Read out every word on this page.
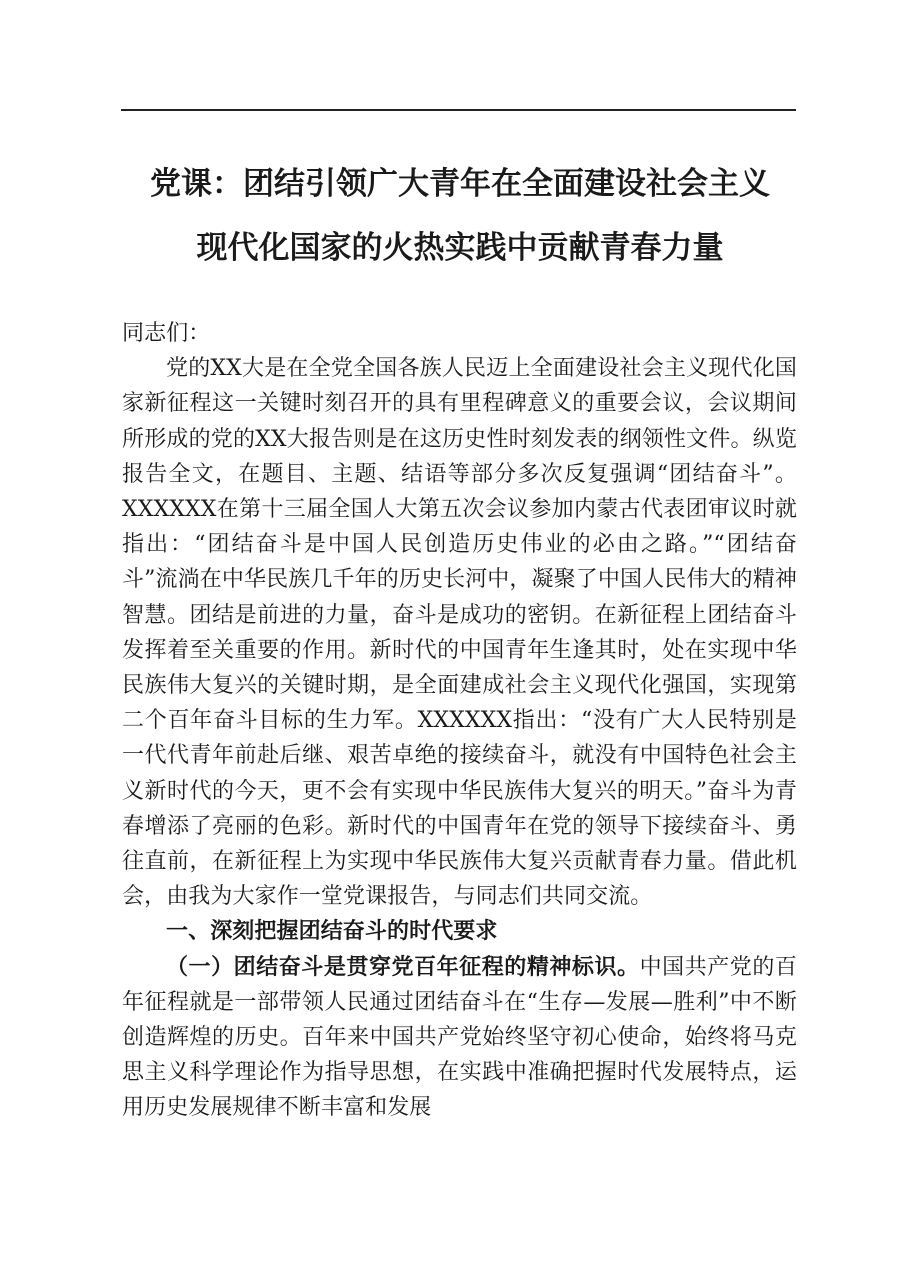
党课：团结引领广大青年在全面建设社会主义
现代化国家的火热实践中贡献青春力量

同志们：

党的XX大是在全党全国各族人民迈上全面建设社会主义现代化国家新征程这一关键时刻召开的具有里程碑意义的重要会议，会议期间所形成的党的XX大报告则是在这历史性时刻发表的纲领性文件。纵览报告全文，在题目、主题、结语等部分多次反复强调“团结奋斗”。XXXXXX在第十三届全国人大第五次会议参加内蒙古代表团审议时就指出：“团结奋斗是中国人民创造历史伟业的必由之路。”“团结奋斗”流淌在中华民族几千年的历史长河中，凝聚了中国人民伟大的精神智慧。团结是前进的力量，奋斗是成功的密钥。在新征程上团结奋斗发挥着至关重要的作用。新时代的中国青年生逢其时，处在实现中华民族伟大复兴的关键时期，是全面建成社会主义现代化强国，实现第二个百年奋斗目标的生力军。XXXXXX指出：“没有广大人民特别是一代代青年前赴后继、艰苦卓绝的接续奋斗，就没有中国特色社会主义新时代的今天，更不会有实现中华民族伟大复兴的明天。”奋斗为青春增添了亮丽的色彩。新时代的中国青年在党的领导下接续奋斗、勇往直前，在新征程上为实现中华民族伟大复兴贡献青春力量。借此机会，由我为大家作一堂党课报告，与同志们共同交流。

一、深刻把握团结奋斗的时代要求

（一）团结奋斗是贯穿党百年征程的精神标识。中国共产党的百年征程就是一部带领人民通过团结奋斗在“生存—发展—胜利”中不断创造辉煌的历史。百年来中国共产党始终坚守初心使命，始终将马克思主义科学理论作为指导思想，在实践中准确把握时代发展特点，运用历史发展规律不断丰富和发展
